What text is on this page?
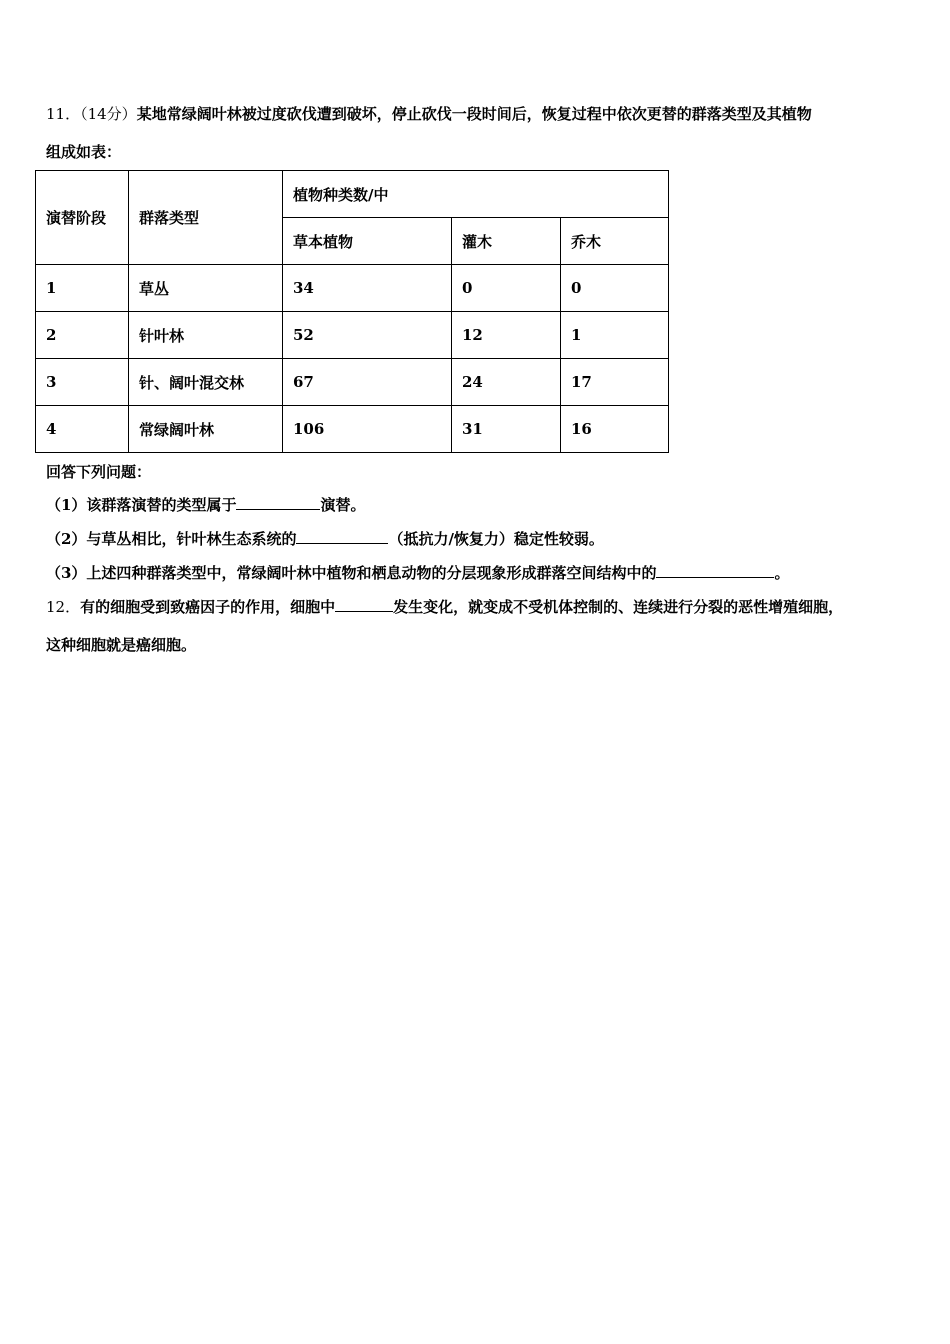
11．（14分）某地常绿阔叶林被过度砍伐遭到破坏，停止砍伐一段时间后，恢复过程中依次更替的群落类型及其植物
组成如表：
演替阶段	群落类型	植物种类数/中		
		草本植物	灌木	乔木
1	草丛	34	0	0
2	针叶林	52	12	1
3	针、阔叶混交林	67	24	17
4	常绿阔叶林	106	31	16
回答下列问题：
（1）该群落演替的类型属于	演替。
（2）与草丛相比，针叶林生态系统的	（抵抗力/恢复力）稳定性较弱。
（3）上述四种群落类型中，常绿阔叶林中植物和栖息动物的分层现象形成群落空间结构中的	。
12．有的细胞受到致癌因子的作用，细胞中	发生变化，就变成不受机体控制的、连续进行分裂的恶性增殖细胞，
这种细胞就是癌细胞。
